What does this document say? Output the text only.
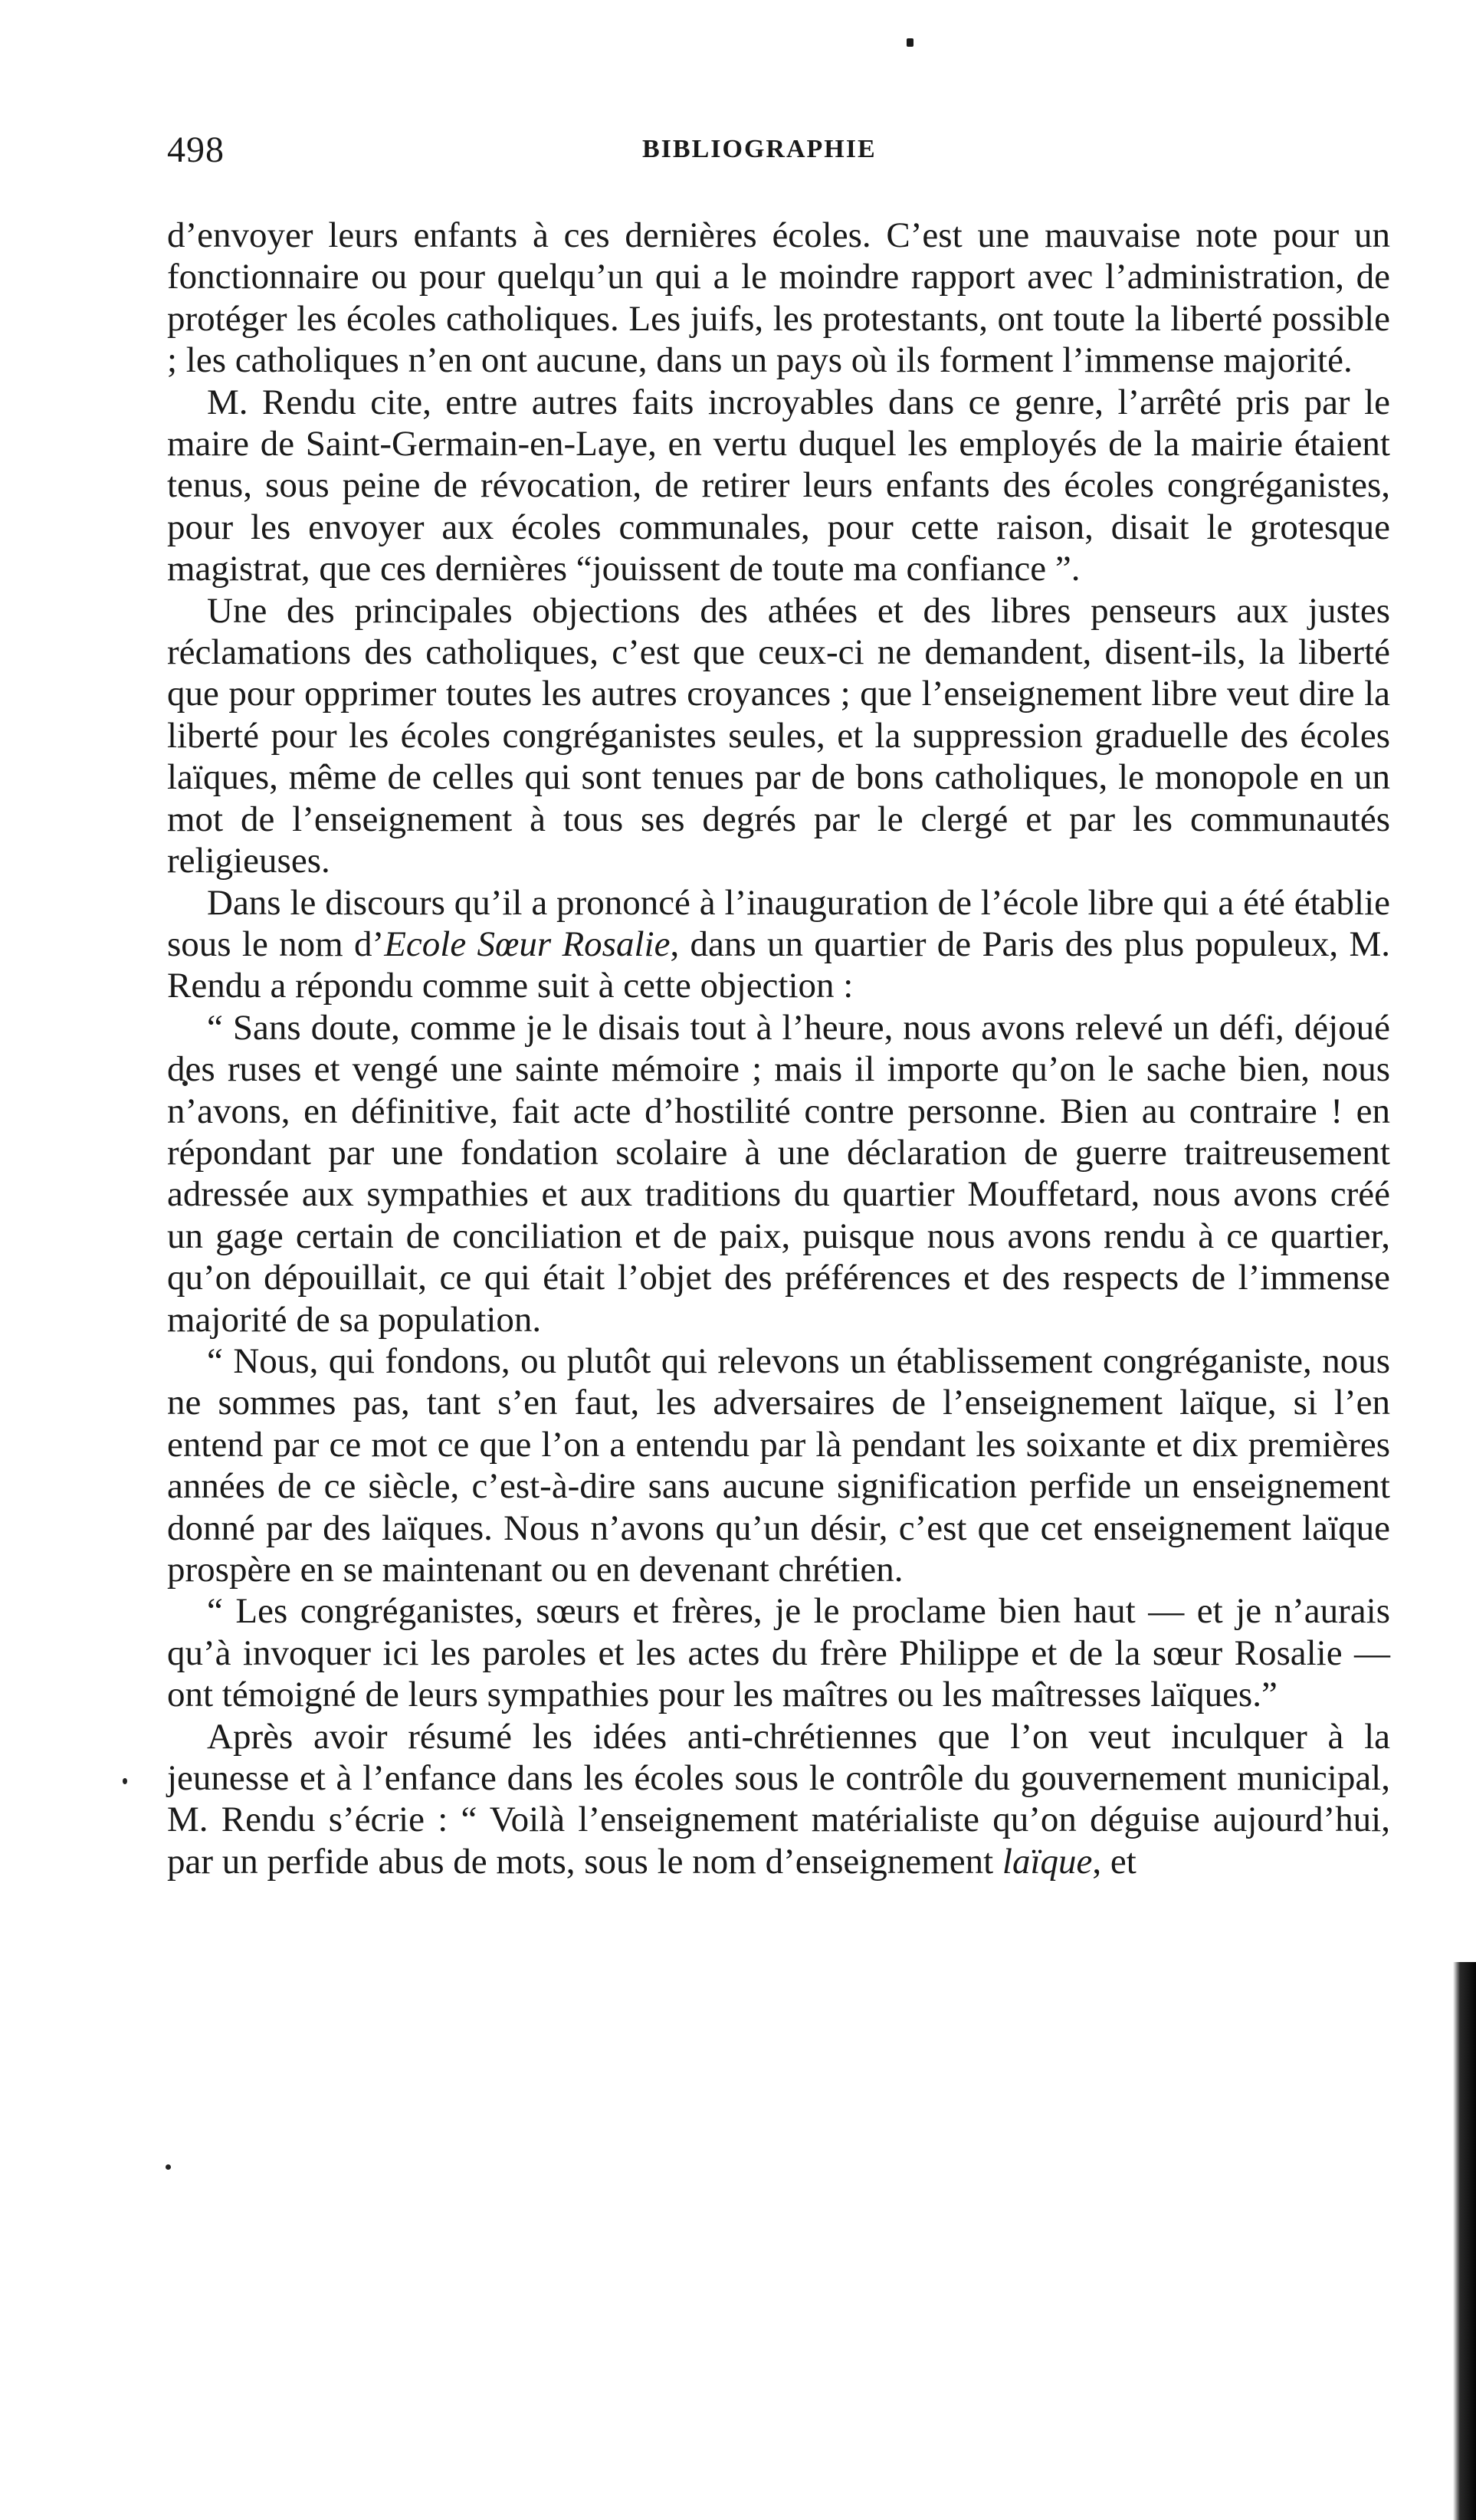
498	BIBLIOGRAPHIE

d’envoyer leurs enfants à ces dernières écoles. C’est une mauvaise note pour un fonctionnaire ou pour quelqu’un qui a le moindre rapport avec l’administration, de protéger les écoles catholiques. Les juifs, les protestants, ont toute la liberté possible ; les catholiques n’en ont aucune, dans un pays où ils forment l’immense majorité.

M. Rendu cite, entre autres faits incroyables dans ce genre, l’arrêté pris par le maire de Saint-Germain-en-Laye, en vertu duquel les employés de la mairie étaient tenus, sous peine de révocation, de retirer leurs enfants des écoles congréganistes, pour les envoyer aux écoles communales, pour cette raison, disait le grotesque magistrat, que ces dernières “jouissent de toute ma confiance ”.

Une des principales objections des athées et des libres penseurs aux justes réclamations des catholiques, c’est que ceux-ci ne demandent, disent-ils, la liberté que pour opprimer toutes les autres croyances ; que l’enseignement libre veut dire la liberté pour les écoles congréganistes seules, et la suppression graduelle des écoles laïques, même de celles qui sont tenues par de bons catholiques, le monopole en un mot de l’enseignement à tous ses degrés par le clergé et par les communautés religieuses.

Dans le discours qu’il a prononcé à l’inauguration de l’école libre qui a été établie sous le nom d’Ecole Sœur Rosalie, dans un quartier de Paris des plus populeux, M. Rendu a répondu comme suit à cette objection :

“ Sans doute, comme je le disais tout à l’heure, nous avons relevé un défi, déjoué des ruses et vengé une sainte mémoire ; mais il importe qu’on le sache bien, nous n’avons, en définitive, fait acte d’hostilité contre personne. Bien au contraire ! en répondant par une fondation scolaire à une déclaration de guerre traitreusement adressée aux sympathies et aux traditions du quartier Mouffetard, nous avons créé un gage certain de conciliation et de paix, puisque nous avons rendu à ce quartier, qu’on dépouillait, ce qui était l’objet des préférences et des respects de l’immense majorité de sa population.

“ Nous, qui fondons, ou plutôt qui relevons un établissement congréganiste, nous ne sommes pas, tant s’en faut, les adversaires de l’enseignement laïque, si l’en entend par ce mot ce que l’on a entendu par là pendant les soixante et dix premières années de ce siècle, c’est-à-dire sans aucune signification perfide un enseignement donné par des laïques. Nous n’avons qu’un désir, c’est que cet enseignement laïque prospère en se maintenant ou en devenant chrétien.

“ Les congréganistes, sœurs et frères, je le proclame bien haut — et je n’aurais qu’à invoquer ici les paroles et les actes du frère Philippe et de la sœur Rosalie — ont témoigné de leurs sympathies pour les maîtres ou les maîtresses laïques.”

Après avoir résumé les idées anti-chrétiennes que l’on veut inculquer à la jeunesse et à l’enfance dans les écoles sous le contrôle du gouvernement municipal, M. Rendu s’écrie : “ Voilà l’enseignement matérialiste qu’on déguise aujourd’hui, par un perfide abus de mots, sous le nom d’enseignement laïque, et
